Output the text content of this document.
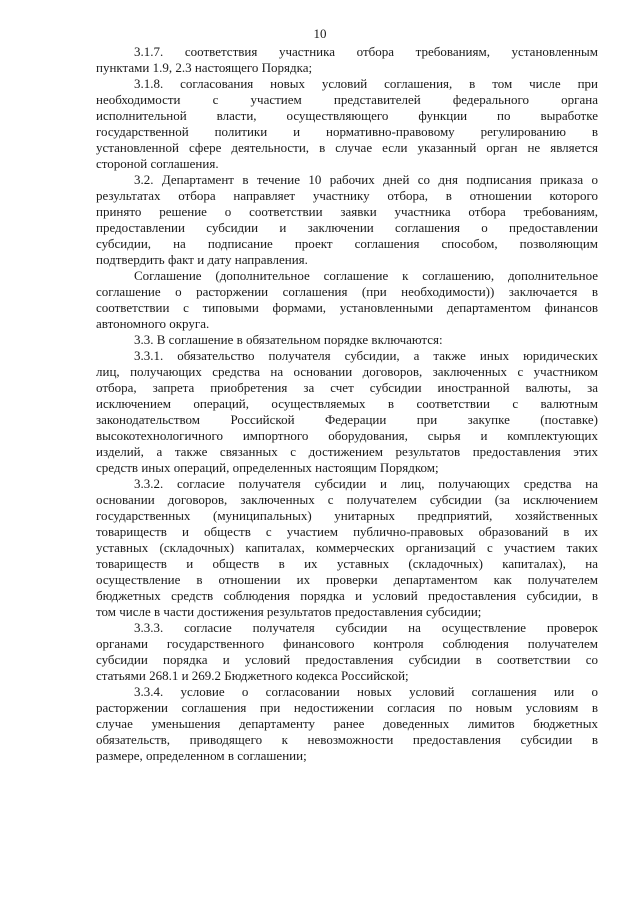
10
3.1.7. соответствия участника отбора требованиям, установленным
пунктами 1.9, 2.3 настоящего Порядка;
3.1.8. согласования новых условий соглашения, в том числе при
необходимости с участием представителей федерального органа
исполнительной власти, осуществляющего функции по выработке
государственной политики и нормативно-правовому регулированию в
установленной сфере деятельности, в случае если указанный орган не является
стороной соглашения.
3.2. Департамент в течение 10 рабочих дней со дня подписания приказа о
результатах отбора направляет участнику отбора, в отношении которого
принято решение о соответствии заявки участника отбора требованиям,
предоставлении субсидии и заключении соглашения о предоставлении
субсидии, на подписание проект соглашения способом, позволяющим
подтвердить факт и дату направления.
Соглашение (дополнительное соглашение к соглашению, дополнительное
соглашение о расторжении соглашения (при необходимости)) заключается в
соответствии с типовыми формами, установленными департаментом финансов
автономного округа.
3.3. В соглашение в обязательном порядке включаются:
3.3.1. обязательство получателя субсидии, а также иных юридических
лиц, получающих средства на основании договоров, заключенных с участником
отбора, запрета приобретения за счет субсидии иностранной валюты, за
исключением операций, осуществляемых в соответствии с валютным
законодательством Российской Федерации при закупке (поставке)
высокотехнологичного импортного оборудования, сырья и комплектующих
изделий, а также связанных с достижением результатов предоставления этих
средств иных операций, определенных настоящим Порядком;
3.3.2. согласие получателя субсидии и лиц, получающих средства на
основании договоров, заключенных с получателем субсидии (за исключением
государственных (муниципальных) унитарных предприятий, хозяйственных
товариществ и обществ с участием публично-правовых образований в их
уставных (складочных) капиталах, коммерческих организаций с участием таких
товариществ и обществ в их уставных (складочных) капиталах), на
осуществление в отношении их проверки департаментом как получателем
бюджетных средств соблюдения порядка и условий предоставления субсидии, в
том числе в части достижения результатов предоставления субсидии;
3.3.3. согласие получателя субсидии на осуществление проверок
органами государственного финансового контроля соблюдения получателем
субсидии порядка и условий предоставления субсидии в соответствии со
статьями 268.1 и 269.2 Бюджетного кодекса Российской;
3.3.4. условие о согласовании новых условий соглашения или о
расторжении соглашения при недостижении согласия по новым условиям в
случае уменьшения департаменту ранее доведенных лимитов бюджетных
обязательств, приводящего к невозможности предоставления субсидии в
размере, определенном в соглашении;
